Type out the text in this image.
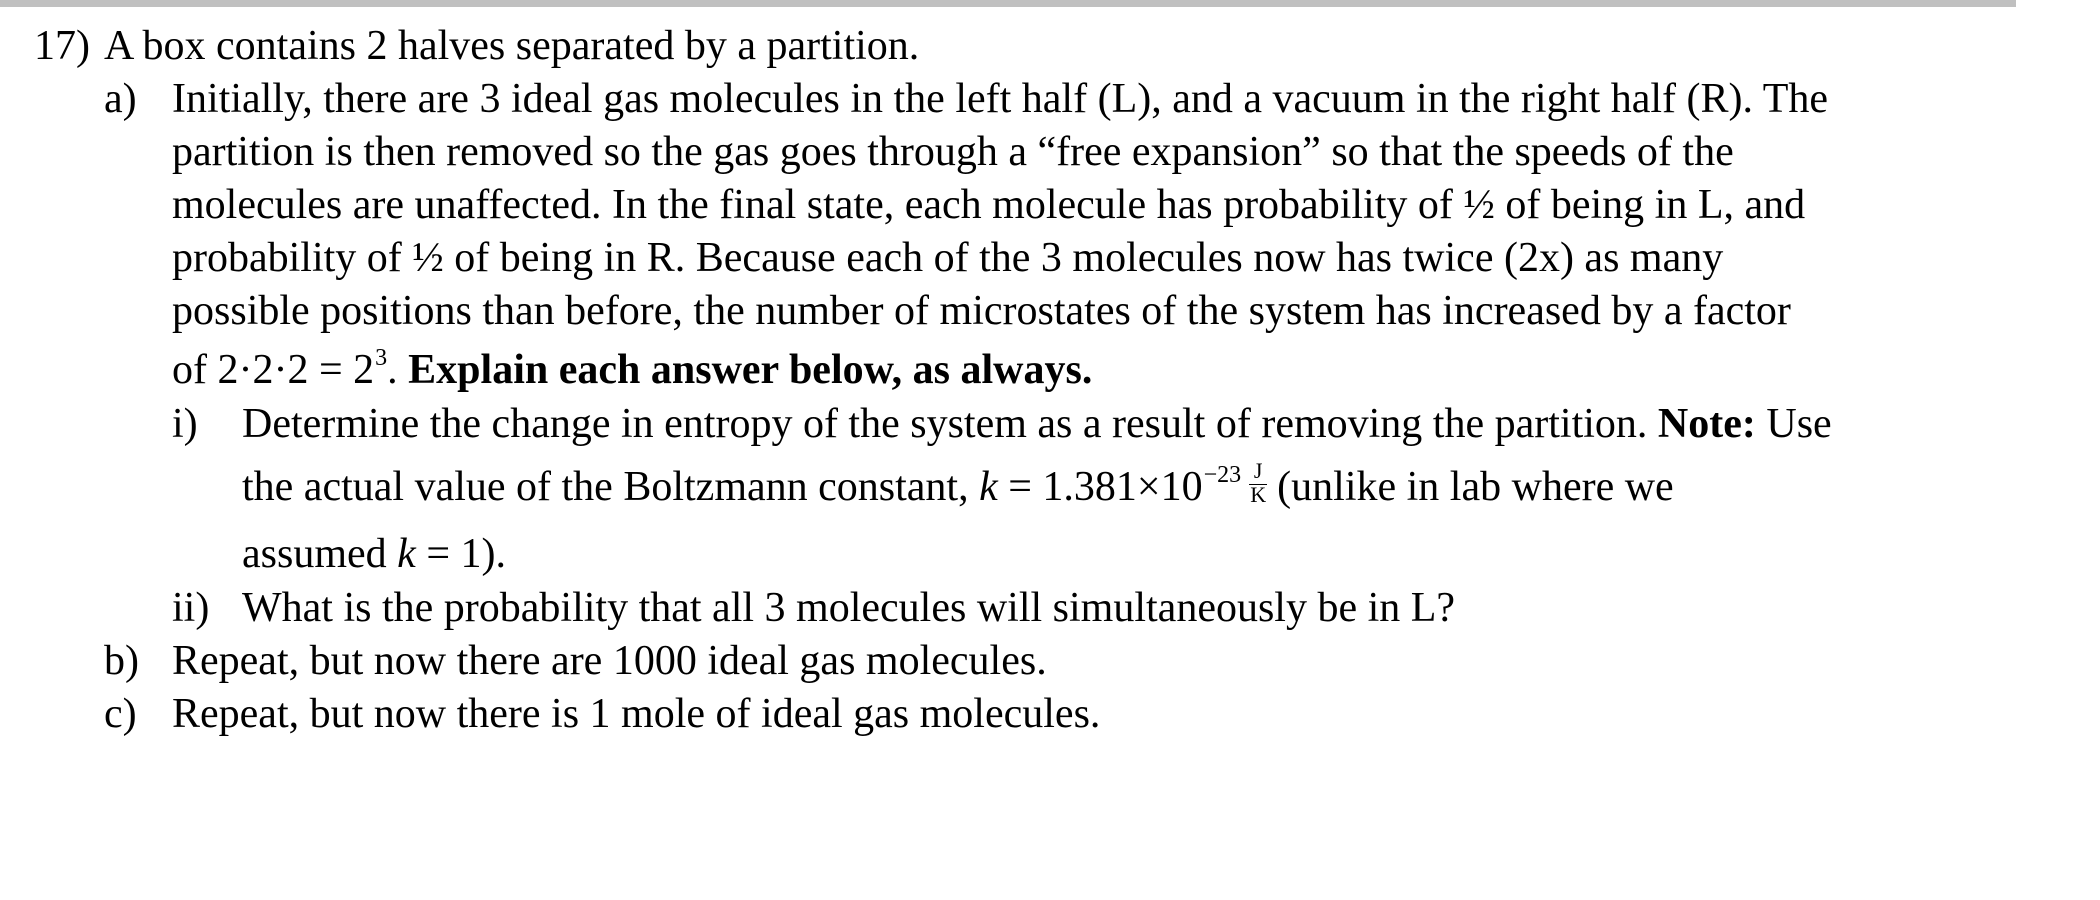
17) A box contains 2 halves separated by a partition.
a) Initially, there are 3 ideal gas molecules in the left half (L), and a vacuum in the right half (R). The
partition is then removed so the gas goes through a “free expansion” so that the speeds of the
molecules are unaffected. In the final state, each molecule has probability of ½ of being in L, and
probability of ½ of being in R. Because each of the 3 molecules now has twice (2x) as many
possible positions than before, the number of microstates of the system has increased by a factor
of $2\cdot 2\cdot 2 = 2^3$. Explain each answer below, as always.
i) Determine the change in entropy of the system as a result of removing the partition. Note: Use
the actual value of the Boltzmann constant, $k = 1.381\times 10^{-23} \frac{J}{K}$ (unlike in lab where we
assumed k = 1).
ii) What is the probability that all 3 molecules will simultaneously be in L?
b) Repeat, but now there are 1000 ideal gas molecules.
c) Repeat, but now there is 1 mole of ideal gas molecules.
